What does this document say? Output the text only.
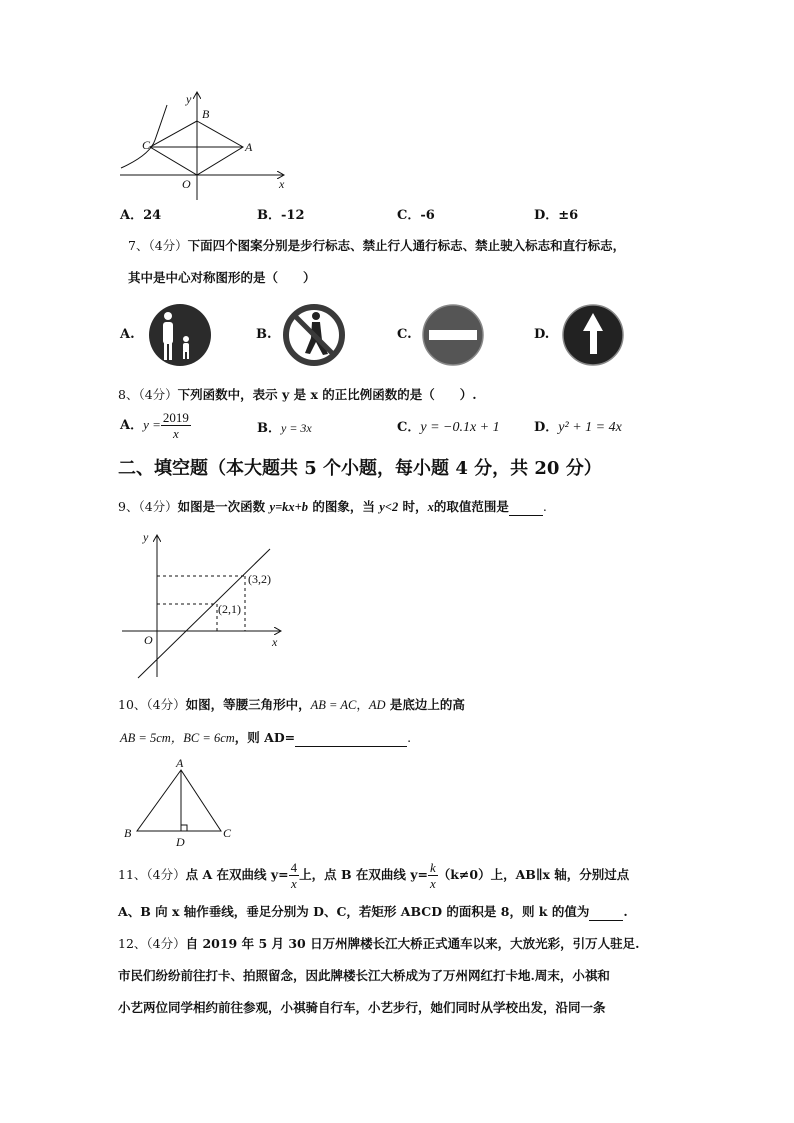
y
B
C	A
O	x
A．24	B．-12	C．-6	D．±6
7、（4分）下面四个图案分别是步行标志、禁止行人通行标志、禁止驶入标志和直行标志，
其中是中心对称图形的是（　　）
A.	B.	C.	D.
8、（4分）下列函数中，表示 y 是 x 的正比例函数的是（　　）.
A．$y = \frac{2019}{x}$	B．y = 3x	C．y = −0.1x + 1	D．y² + 1 = 4x
二、填空题（本大题共 5 个小题，每小题 4 分，共 20 分）
9、（4分）如图是一次函数 y=kx+b 的图象，当 y<2 时，x的取值范围是	.
y
x
O
(3,2)
(2,1)
10、（4分）如图，等腰三角形中，AB = AC，AD 是底边上的高
AB = 5cm，BC = 6cm，则 AD=	.
A
B	C
D
11、（4分）点 A 在双曲线 $y= \frac{4}{x}$ 上，点 B 在双曲线 $y= \frac{k}{x} (k\ne 0)$上，AB∥x 轴，分别过点
A、B 向 x 轴作垂线，垂足分别为 D、C，若矩形 ABCD 的面积是 8，则 k 的值为	.
12、（4分）自 2019 年 5 月 30 日万州牌楼长江大桥正式通车以来，大放光彩，引万人驻足.
市民们纷纷前往打卡、拍照留念，因此牌楼长江大桥成为了万州网红打卡地.周末，小祺和
小艺两位同学相约前往参观，小祺骑自行车，小艺步行，她们同时从学校出发，沿同一条
